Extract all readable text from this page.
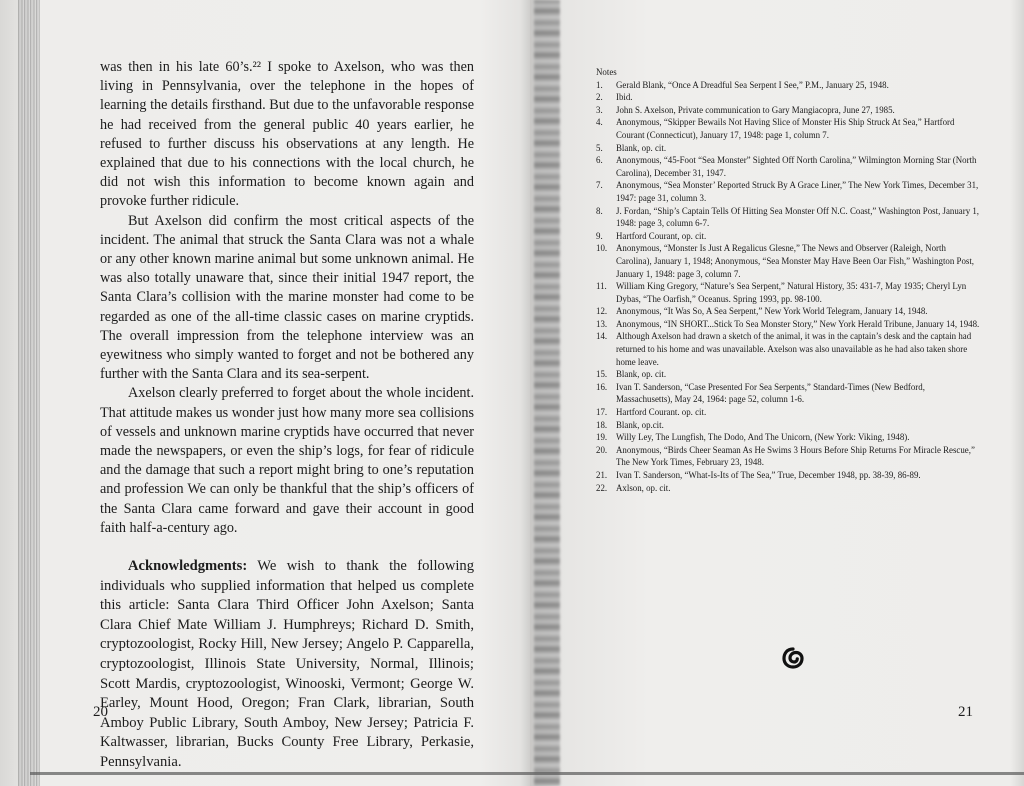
was then in his late 60’s.²² I spoke to Axelson, who was then living in Pennsylvania, over the telephone in the hopes of learning the details firsthand. But due to the unfavorable response he had received from the general public 40 years earlier, he refused to further discuss his observations at any length. He explained that due to his connections with the local church, he did not wish this information to become known again and provoke further ridicule.

But Axelson did confirm the most critical aspects of the incident. The animal that struck the Santa Clara was not a whale or any other known marine animal but some unknown animal. He was also totally unaware that, since their initial 1947 report, the Santa Clara’s collision with the marine monster had come to be regarded as one of the all-time classic cases on marine cryptids. The overall impression from the telephone interview was an eyewitness who simply wanted to forget and not be bothered any further with the Santa Clara and its sea-serpent.

Axelson clearly preferred to forget about the whole incident. That attitude makes us wonder just how many more sea collisions of vessels and unknown marine cryptids have occurred that never made the newspapers, or even the ship’s logs, for fear of ridicule and the damage that such a report might bring to one’s reputation and profession We can only be thankful that the ship’s officers of the Santa Clara came forward and gave their account in good faith half-a-century ago.

Acknowledgments: We wish to thank the following individuals who supplied information that helped us complete this article: Santa Clara Third Officer John Axelson; Santa Clara Chief Mate William J. Humphreys; Richard D. Smith, cryptozoologist, Rocky Hill, New Jersey; Angelo P. Capparella, cryptozoologist, Illinois State University, Normal, Illinois; Scott Mardis, cryptozoologist, Winooski, Vermont; George W. Earley, Mount Hood, Oregon; Fran Clark, librarian, South Amboy Public Library, South Amboy, New Jersey; Patricia F. Kaltwasser, librarian, Bucks County Free Library, Perkasie, Pennsylvania.

20
Notes
1. Gerald Blank, “Once A Dreadful Sea Serpent I See,” P.M., January 25, 1948.
2. Ibid.
3. John S. Axelson, Private communication to Gary Mangiacopra, June 27, 1985.
4. Anonymous, “Skipper Bewails Not Having Slice of Monster His Ship Struck At Sea,” Hartford Courant (Connecticut), January 17, 1948: page 1, column 7.
5. Blank, op. cit.
6. Anonymous, “45-Foot “Sea Monster” Sighted Off North Carolina,” Wilmington Morning Star (North Carolina), December 31, 1947.
7. Anonymous, “Sea Monster’ Reported Struck By A Grace Liner,” The New York Times, December 31, 1947: page 31, column 3.
8. J. Fordan, “Ship’s Captain Tells Of Hitting Sea Monster Off N.C. Coast,” Washington Post, January 1, 1948: page 3, column 6-7.
9. Hartford Courant, op. cit.
10. Anonymous, “Monster Is Just A Regalicus Glesne,” The News and Observer (Raleigh, North Carolina), January 1, 1948; Anonymous, “Sea Monster May Have Been Oar Fish,” Washington Post, January 1, 1948: page 3, column 7.
11. William King Gregory, “Nature’s Sea Serpent,” Natural History, 35: 431-7, May 1935; Cheryl Lyn Dybas, “The Oarfish,” Oceanus. Spring 1993, pp. 98-100.
12. Anonymous, “It Was So, A Sea Serpent,” New York World Telegram, January 14, 1948.
13. Anonymous, “IN SHORT...Stick To Sea Monster Story,” New York Herald Tribune, January 14, 1948.
14. Although Axelson had drawn a sketch of the animal, it was in the captain’s desk and the captain had returned to his home and was unavailable. Axelson was also unavailable as he had also taken shore home leave.
15. Blank, op. cit.
16. Ivan T. Sanderson, “Case Presented For Sea Serpents,” Standard-Times (New Bedford, Massachusetts), May 24, 1964: page 52, column 1-6.
17. Hartford Courant. op. cit.
18. Blank, op.cit.
19. Willy Ley, The Lungfish, The Dodo, And The Unicorn, (New York: Viking, 1948).
20. Anonymous, “Birds Cheer Seaman As He Swims 3 Hours Before Ship Returns For Miracle Rescue,” The New York Times, February 23, 1948.
21. Ivan T. Sanderson, “What-Is-Its of The Sea,” True, December 1948, pp. 38-39, 86-89.
22. Axlson, op. cit.
21
